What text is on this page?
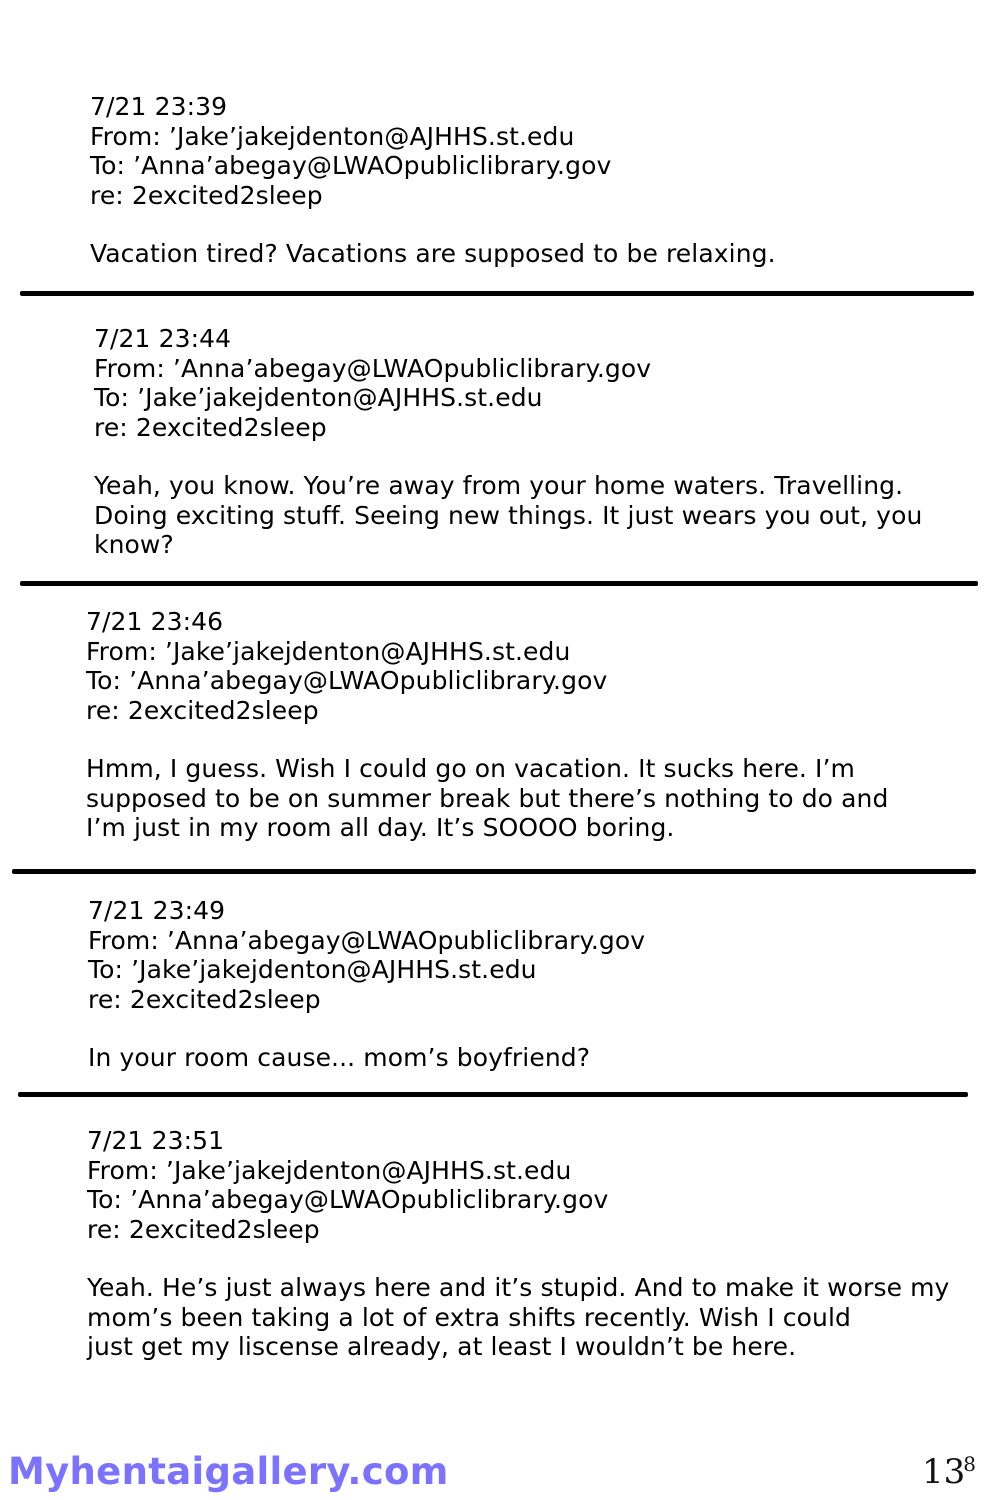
7/21 23:39
From: ’Jake’jakejdenton@AJHHS.st.edu
To: ’Anna’abegay@LWAOpubliclibrary.gov
re: 2excited2sleep
Vacation tired? Vacations are supposed to be relaxing.
7/21 23:44
From: ’Anna’abegay@LWAOpubliclibrary.gov
To: ’Jake’jakejdenton@AJHHS.st.edu
re: 2excited2sleep
Yeah, you know. You’re away from your home waters. Travelling.
Doing exciting stuff. Seeing new things. It just wears you out, you
know?
7/21 23:46
From: ’Jake’jakejdenton@AJHHS.st.edu
To: ’Anna’abegay@LWAOpubliclibrary.gov
re: 2excited2sleep
Hmm, I guess. Wish I could go on vacation. It sucks here. I’m
supposed to be on summer break but there’s nothing to do and
I’m just in my room all day. It’s SOOOO boring.
7/21 23:49
From: ’Anna’abegay@LWAOpubliclibrary.gov
To: ’Jake’jakejdenton@AJHHS.st.edu
re: 2excited2sleep
In your room cause... mom’s boyfriend?
7/21 23:51
From: ’Jake’jakejdenton@AJHHS.st.edu
To: ’Anna’abegay@LWAOpubliclibrary.gov
re: 2excited2sleep
Yeah. He’s just always here and it’s stupid. And to make it worse my
mom’s been taking a lot of extra shifts recently. Wish I could
just get my liscense already, at least I wouldn’t be here.
Myhentaigallery.com	$13^8$
